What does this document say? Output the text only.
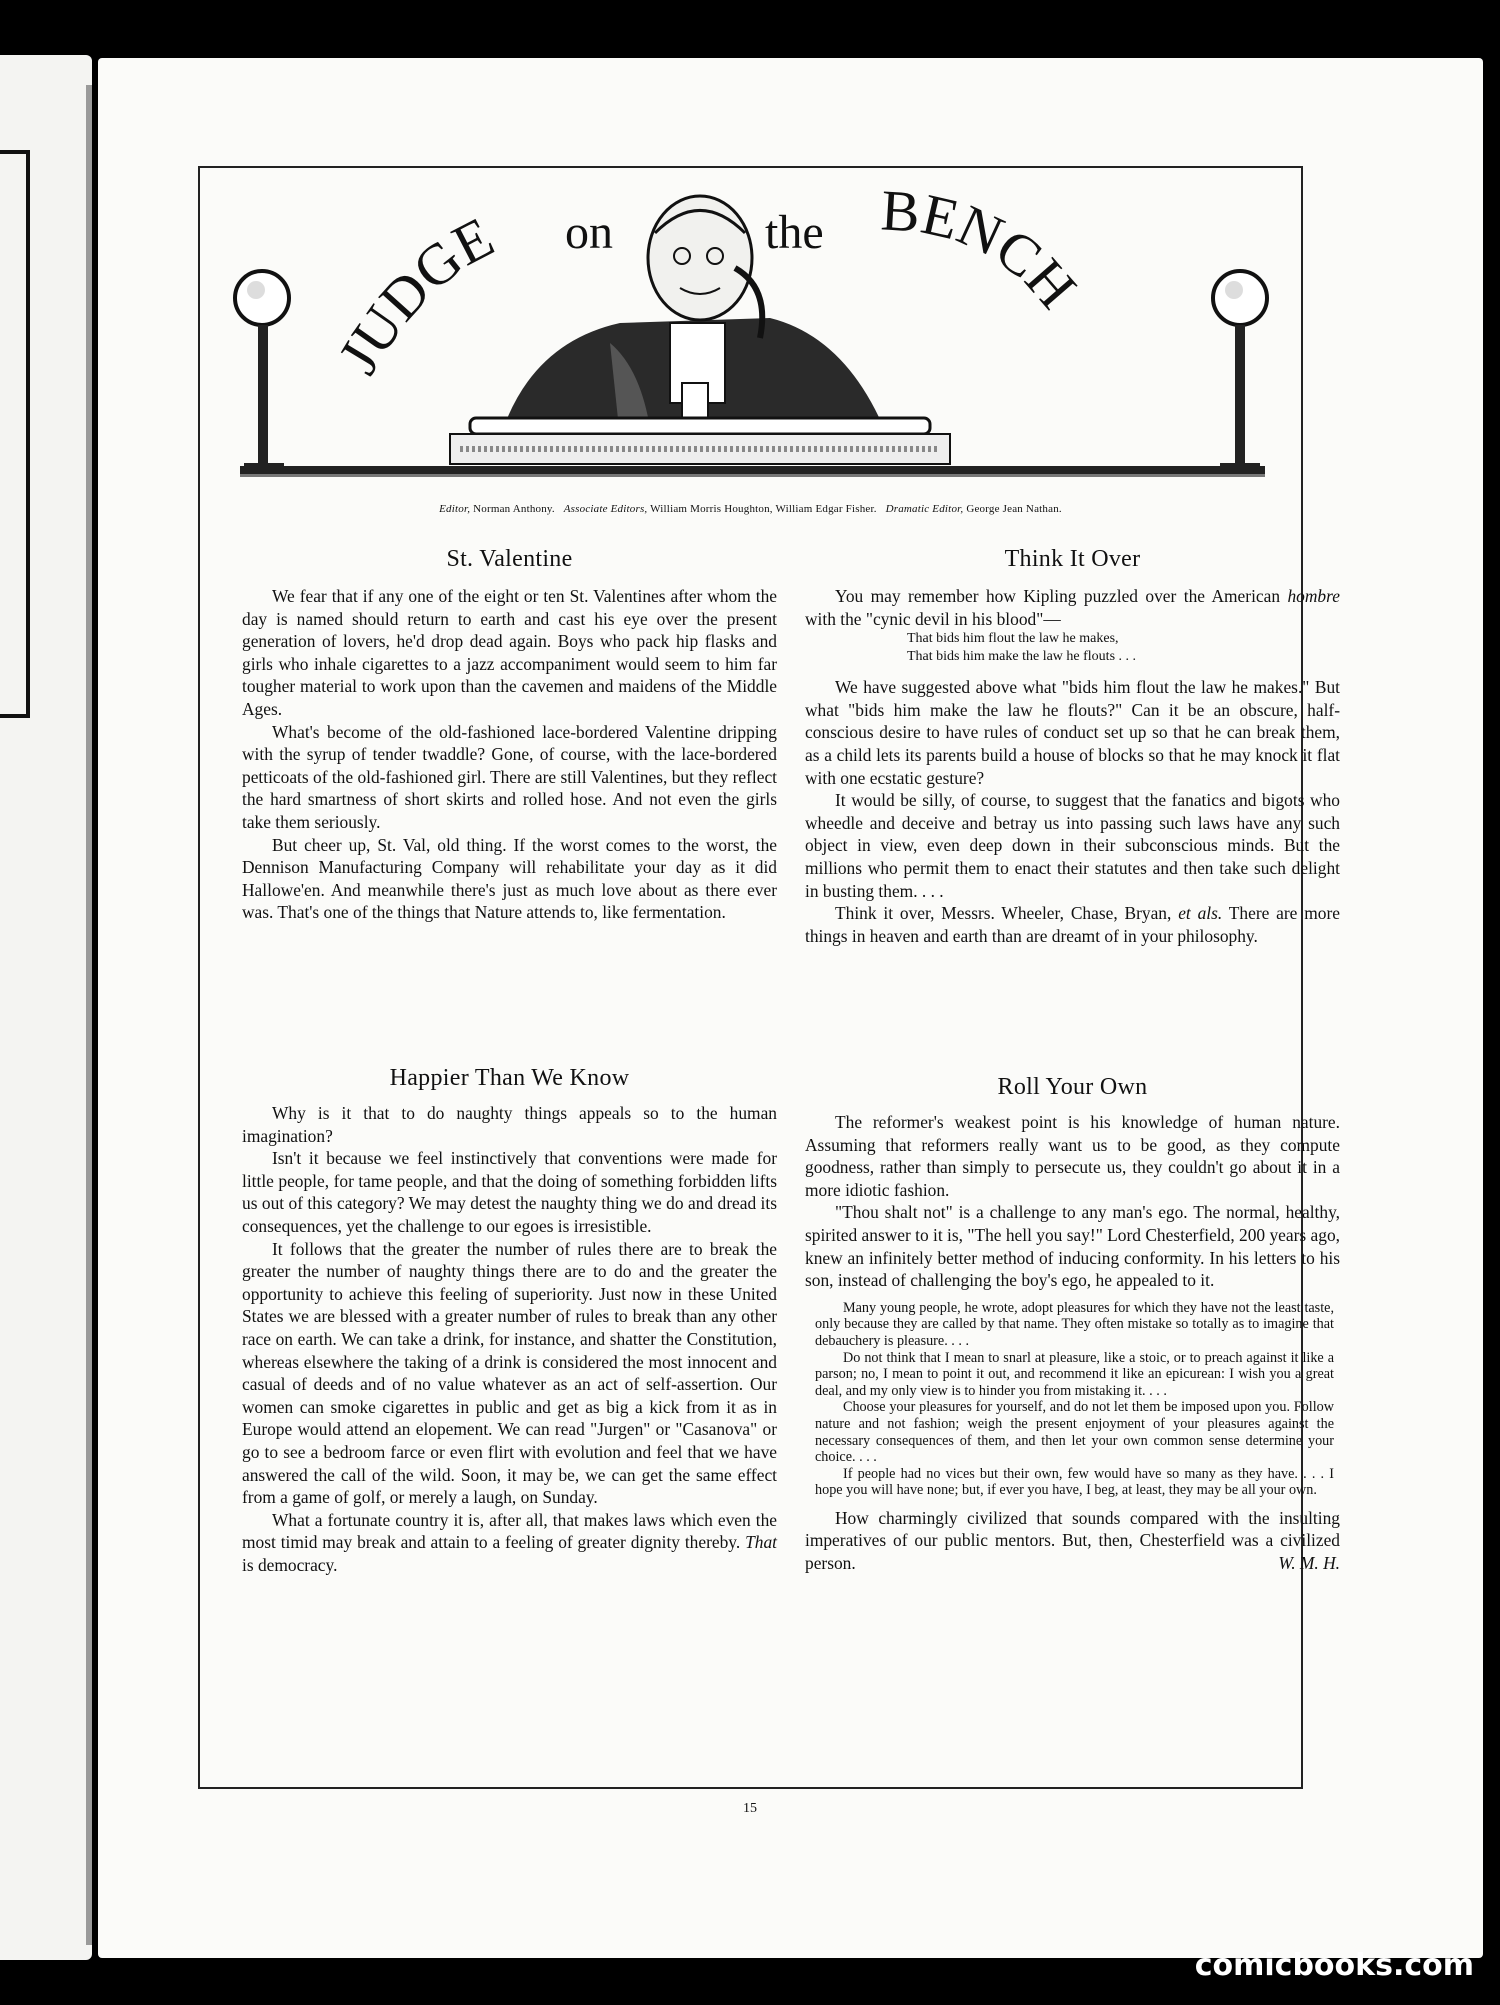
JUDGE on	the BENCH
Editor, Norman Anthony. Associate Editors, William Morris Houghton, William Edgar Fisher. Dramatic Editor, George Jean Nathan.
St. Valentine

We fear that if any one of the eight or ten St. Valentines after whom the day is named should return to earth and cast his eye over the present generation of lovers, he'd drop dead again. Boys who pack hip flasks and girls who inhale cigarettes to a jazz accompaniment would seem to him far tougher material to work upon than the cavemen and maidens of the Middle Ages.

What's become of the old-fashioned lace-bordered Valentine dripping with the syrup of tender twaddle? Gone, of course, with the lace-bordered petticoats of the old-fashioned girl. There are still Valentines, but they reflect the hard smartness of short skirts and rolled hose. And not even the girls take them seriously.

But cheer up, St. Val, old thing. If the worst comes to the worst, the Dennison Manufacturing Company will rehabilitate your day as it did Hallowe'en. And meanwhile there's just as much love about as there ever was. That's one of the things that Nature attends to, like fermentation.

Happier Than We Know

Why is it that to do naughty things appeals so to the human imagination?

Isn't it because we feel instinctively that conventions were made for little people, for tame people, and that the doing of something forbidden lifts us out of this category? We may detest the naughty thing we do and dread its consequences, yet the challenge to our egoes is irresistible.

It follows that the greater the number of rules there are to break the greater the number of naughty things there are to do and the greater the opportunity to achieve this feeling of superiority. Just now in these United States we are blessed with a greater number of rules to break than any other race on earth. We can take a drink, for instance, and shatter the Constitution, whereas elsewhere the taking of a drink is considered the most innocent and casual of deeds and of no value whatever as an act of self-assertion. Our women can smoke cigarettes in public and get as big a kick from it as in Europe would attend an elopement. We can read "Jurgen" or "Casanova" or go to see a bedroom farce or even flirt with evolution and feel that we have answered the call of the wild. Soon, it may be, we can get the same effect from a game of golf, or merely a laugh, on Sunday.

What a fortunate country it is, after all, that makes laws which even the most timid may break and attain to a feeling of greater dignity thereby. That is democracy.

Think It Over

You may remember how Kipling puzzled over the American hombre with the "cynic devil in his blood"—

That bids him flout the law he makes,
That bids him make the law he flouts . . .

We have suggested above what "bids him flout the law he makes." But what "bids him make the law he flouts?" Can it be an obscure, half-conscious desire to have rules of conduct set up so that he can break them, as a child lets its parents build a house of blocks so that he may knock it flat with one ecstatic gesture?

It would be silly, of course, to suggest that the fanatics and bigots who wheedle and deceive and betray us into passing such laws have any such object in view, even deep down in their subconscious minds. But the millions who permit them to enact their statutes and then take such delight in busting them. . . .

Think it over, Messrs. Wheeler, Chase, Bryan, et als. There are more things in heaven and earth than are dreamt of in your philosophy.

Roll Your Own

The reformer's weakest point is his knowledge of human nature. Assuming that reformers really want us to be good, as they compute goodness, rather than simply to persecute us, they couldn't go about it in a more idiotic fashion.

"Thou shalt not" is a challenge to any man's ego. The normal, healthy, spirited answer to it is, "The hell you say!" Lord Chesterfield, 200 years ago, knew an infinitely better method of inducing conformity. In his letters to his son, instead of challenging the boy's ego, he appealed to it.

Many young people, he wrote, adopt pleasures for which they have not the least taste, only because they are called by that name. They often mistake so totally as to imagine that debauchery is pleasure. . . .

Do not think that I mean to snarl at pleasure, like a stoic, or to preach against it like a parson; no, I mean to point it out, and recommend it like an epicurean: I wish you a great deal, and my only view is to hinder you from mistaking it. . . .

Choose your pleasures for yourself, and do not let them be imposed upon you. Follow nature and not fashion; weigh the present enjoyment of your pleasures against the necessary consequences of them, and then let your own common sense determine your choice. . . .

If people had no vices but their own, few would have so many as they have. . . . I hope you will have none; but, if ever you have, I beg, at least, they may be all your own.

How charmingly civilized that sounds compared with the insulting imperatives of our public mentors. But, then, Chesterfield was a civilized person.	W. M. H.

15
comicbooks.com
